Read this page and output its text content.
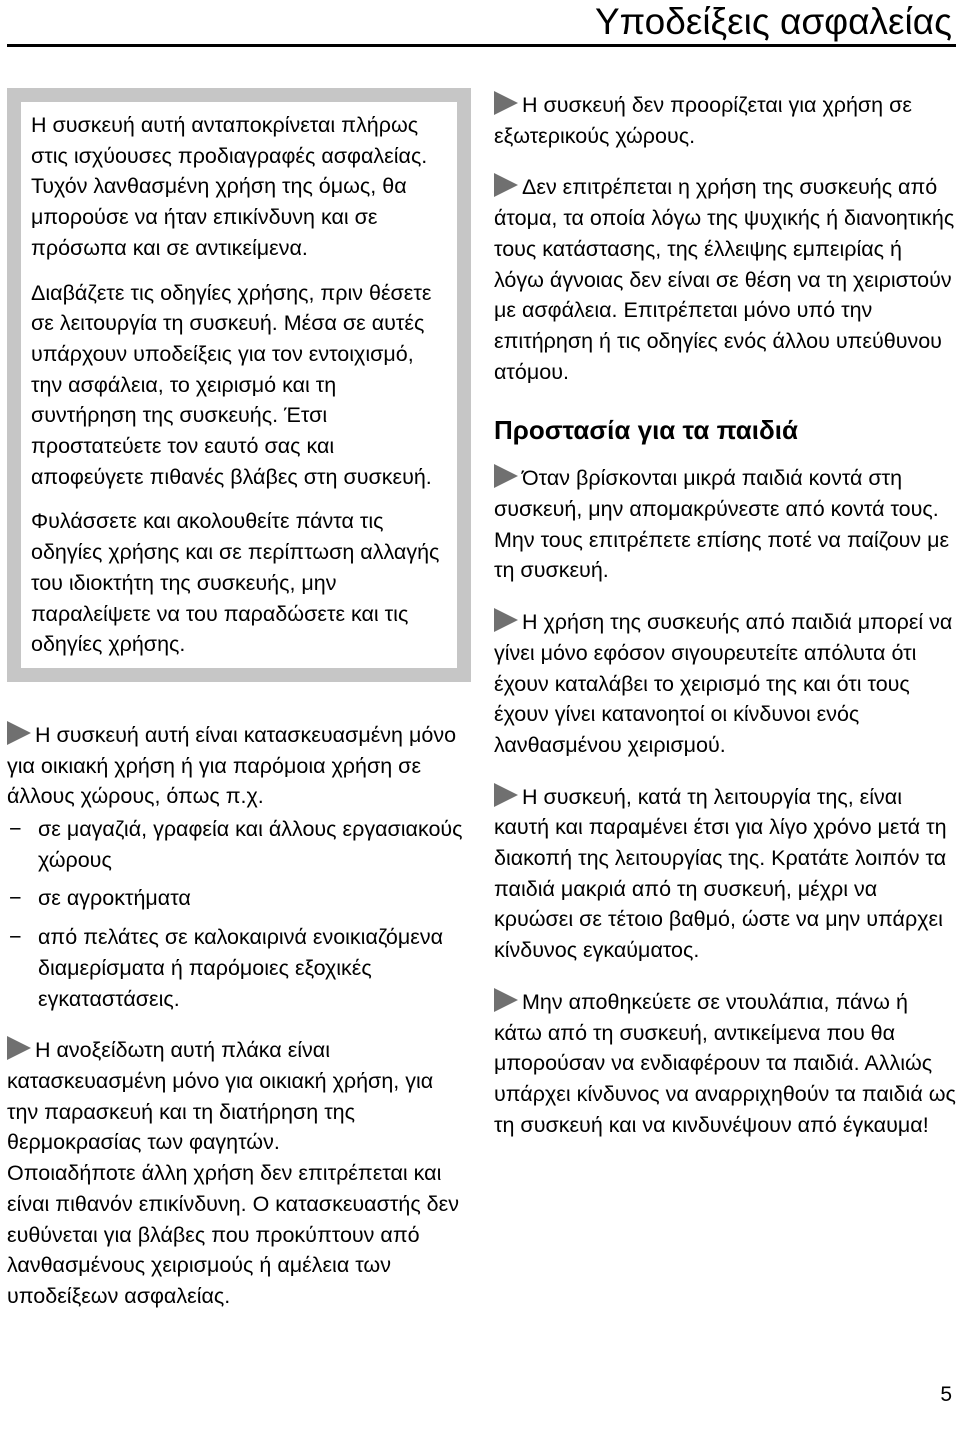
Υποδείξεις ασφαλείας

Η συσκευή αυτή ανταποκρίνεται πλήρως στις ισχύουσες προδιαγραφές ασφαλείας. Τυχόν λανθασμένη χρήση της όμως, θα μπορούσε να ήταν επικίνδυνη και σε πρόσωπα και σε αντικείμενα.

Διαβάζετε τις οδηγίες χρήσης, πριν θέσετε σε λειτουργία τη συσκευή. Μέσα σε αυτές υπάρχουν υποδείξεις για τον εντοιχισμό, την ασφάλεια, το χειρισμό και τη συντήρηση της συσκευής. Έτσι προστατεύετε τον εαυτό σας και αποφεύγετε πιθανές βλάβες στη συσκευή.

Φυλάσσετε και ακολουθείτε πάντα τις οδηγίες χρήσης και σε περίπτωση αλλαγής του ιδιοκτήτη της συσκευής, μην παραλείψετε να του παραδώσετε και τις οδηγίες χρήσης.

Η συσκευή αυτή είναι κατασκευασμένη μόνο για οικιακή χρήση ή για παρόμοια χρήση σε άλλους χώρους, όπως π.χ.

− σε μαγαζιά, γραφεία και άλλους εργασιακούς χώρους
− σε αγροκτήματα
− από πελάτες σε καλοκαιρινά ενοικιαζόμενα διαμερίσματα ή παρόμοιες εξοχικές εγκαταστάσεις.

Η ανοξείδωτη αυτή πλάκα είναι κατασκευασμένη μόνο για οικιακή χρήση, για την παρασκευή και τη διατήρηση της θερμοκρασίας των φαγητών.
Οποιαδήποτε άλλη χρήση δεν επιτρέπεται και είναι πιθανόν επικίνδυνη. Ο κατασκευαστής δεν ευθύνεται για βλάβες που προκύπτουν από λανθασμένους χειρισμούς ή αμέλεια των υποδείξεων ασφαλείας.

Η συσκευή δεν προορίζεται για χρήση σε εξωτερικούς χώρους.

Δεν επιτρέπεται η χρήση της συσκευής από άτομα, τα οποία λόγω της ψυχικής ή διανοητικής τους κατάστασης, της έλλειψης εμπειρίας ή λόγω άγνοιας δεν είναι σε θέση να τη χειριστούν με ασφάλεια. Επιτρέπεται μόνο υπό την επιτήρηση ή τις οδηγίες ενός άλλου υπεύθυνου ατόμου.

Προστασία για τα παιδιά

Όταν βρίσκονται μικρά παιδιά κοντά στη συσκευή, μην απομακρύνεστε από κοντά τους. Μην τους επιτρέπετε επίσης ποτέ να παίζουν με τη συσκευή.

Η χρήση της συσκευής από παιδιά μπορεί να γίνει μόνο εφόσον σιγουρευτείτε απόλυτα ότι έχουν καταλάβει το χειρισμό της και ότι τους έχουν γίνει κατανοητοί οι κίνδυνοι ενός λανθασμένου χειρισμού.

Η συσκευή, κατά τη λειτουργία της, είναι καυτή και παραμένει έτσι για λίγο χρόνο μετά τη διακοπή της λειτουργίας της. Κρατάτε λοιπόν τα παιδιά μακριά από τη συσκευή, μέχρι να κρυώσει σε τέτοιο βαθμό, ώστε να μην υπάρχει κίνδυνος εγκαύματος.

Μην αποθηκεύετε σε ντουλάπια, πάνω ή κάτω από τη συσκευή, αντικείμενα που θα μπορούσαν να ενδιαφέρουν τα παιδιά. Αλλιώς υπάρχει κίνδυνος να αναρριχηθούν τα παιδιά ως τη συσκευή και να κινδυνέψουν από έγκαυμα!

5
